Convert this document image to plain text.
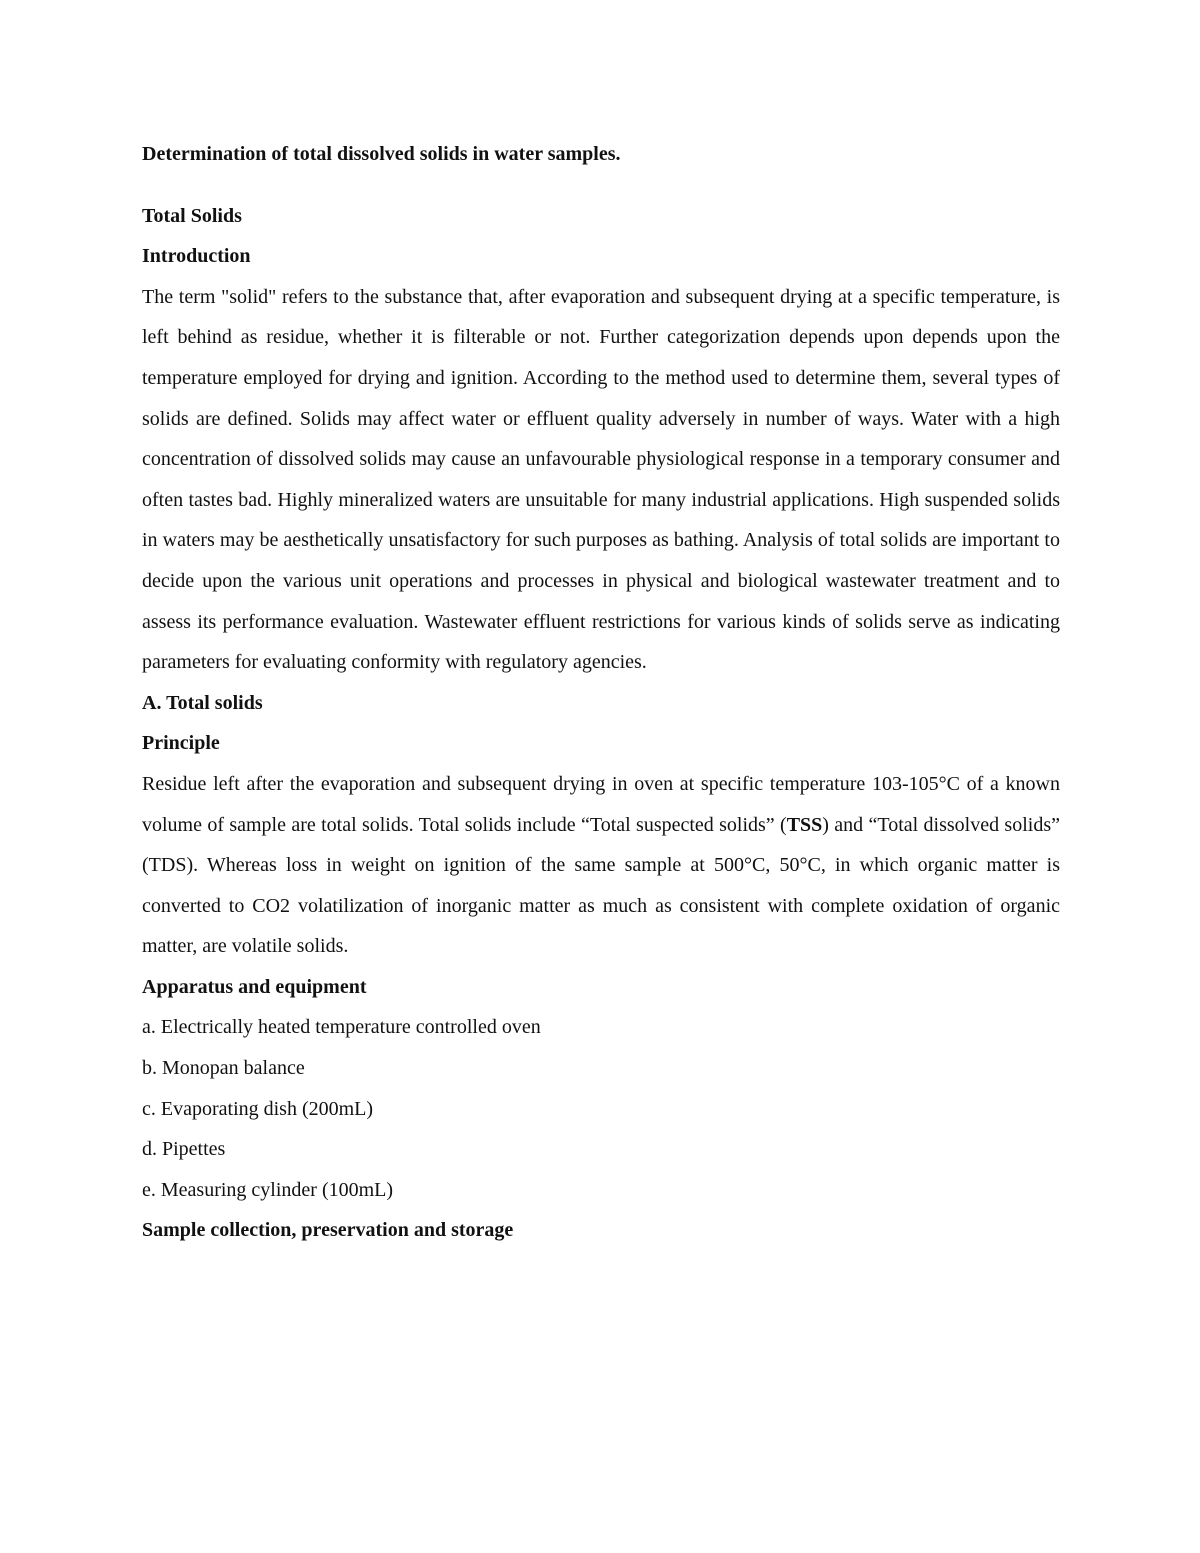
Determination of total dissolved solids in water samples.

Total Solids

Introduction

The term "solid" refers to the substance that, after evaporation and subsequent drying at a specific temperature, is left behind as residue, whether it is filterable or not. Further categorization depends upon depends upon the temperature employed for drying and ignition. According to the method used to determine them, several types of solids are defined. Solids may affect water or effluent quality adversely in number of ways. Water with a high concentration of dissolved solids may cause an unfavourable physiological response in a temporary consumer and often tastes bad. Highly mineralized waters are unsuitable for many industrial applications. High suspended solids in waters may be aesthetically unsatisfactory for such purposes as bathing. Analysis of total solids are important to decide upon the various unit operations and processes in physical and biological wastewater treatment and to assess its performance evaluation. Wastewater effluent restrictions for various kinds of solids serve as indicating parameters for evaluating conformity with regulatory agencies.

A. Total solids

Principle

Residue left after the evaporation and subsequent drying in oven at specific temperature 103-105°C of a known volume of sample are total solids. Total solids include “Total suspected solids” (TSS) and “Total dissolved solids” (TDS). Whereas loss in weight on ignition of the same sample at 500°C, 50°C, in which organic matter is converted to CO2 volatilization of inorganic matter as much as consistent with complete oxidation of organic matter, are volatile solids.

Apparatus and equipment

a. Electrically heated temperature controlled oven

b. Monopan balance

c. Evaporating dish (200mL)

d. Pipettes

e. Measuring cylinder (100mL)

Sample collection, preservation and storage
